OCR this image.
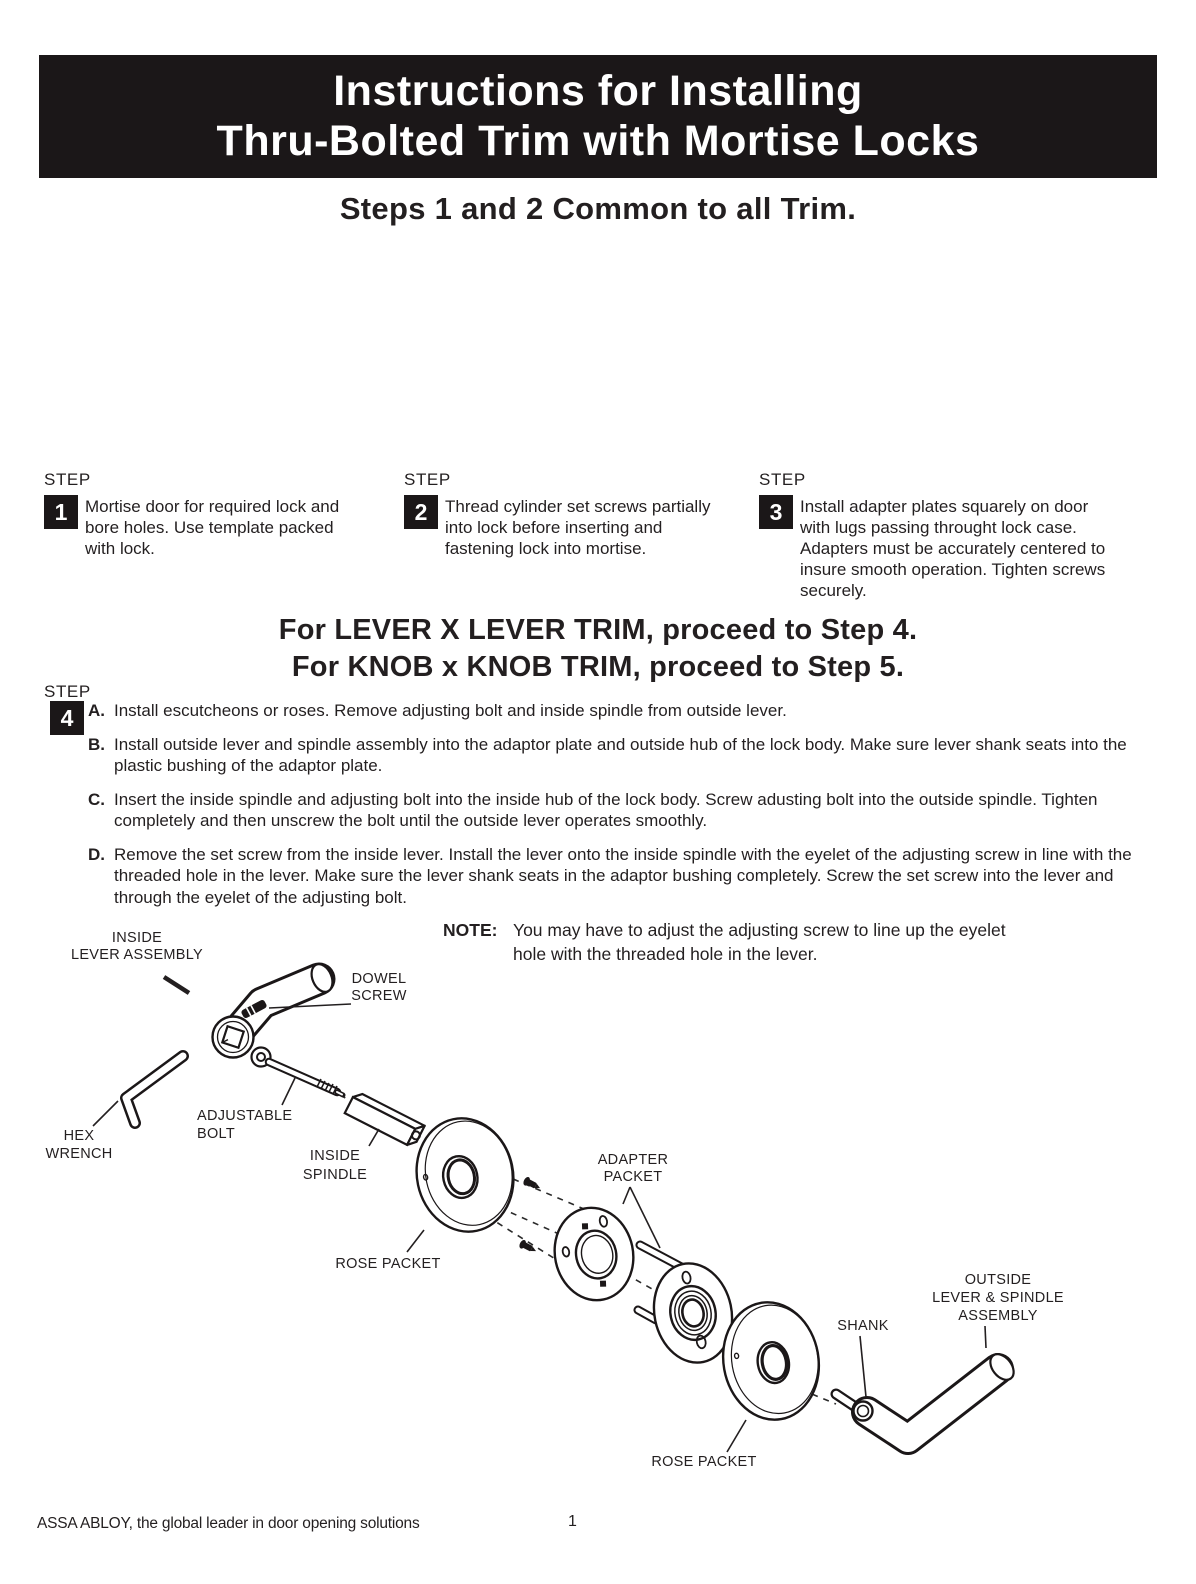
Instructions for Installing
Thru-Bolted Trim with Mortise Locks
Steps 1 and 2 Common to all Trim.
STEP
1	Mortise door for required lock and bore holes. Use template packed with lock.
STEP
2	Thread cylinder set screws partially into lock before inserting and fastening lock into mortise.
STEP
3	Install adapter plates squarely on door with lugs passing throught lock case. Adapters must be accurately centered to insure smooth operation. Tighten screws securely.
For LEVER X LEVER TRIM, proceed to Step 4.
For KNOB x KNOB TRIM, proceed to Step 5.
STEP
4 A. Install escutcheons or roses. Remove adjusting bolt and inside spindle from outside lever.
B. Install outside lever and spindle assembly into the adaptor plate and outside hub of the lock body. Make sure lever shank seats into the plastic bushing of the adaptor plate.
C. Insert the inside spindle and adjusting bolt into the inside hub of the lock body. Screw adusting bolt into the outside spindle. Tighten completely and then unscrew the bolt until the outside lever operates smoothly.
D. Remove the set screw from the inside lever. Install the lever onto the inside spindle with the eyelet of the adjusting screw in line with the threaded hole in the lever. Make sure the lever shank seats in the adaptor bushing completely. Screw the set screw into the lever and through the eyelet of the adjusting bolt.
NOTE: You may have to adjust the adjusting screw to line up the eyelet
hole with the threaded hole in the lever.
INSIDE
LEVER ASSEMBLY
DOWEL
SCREW
HEX
WRENCH
ADJUSTABLE
BOLT
INSIDE
SPINDLE
ROSE PACKET
ADAPTER
PACKET
SHANK
OUTSIDE
LEVER & SPINDLE
ASSEMBLY
ROSE PACKET
ASSA ABLOY, the global leader in door opening solutions	1
